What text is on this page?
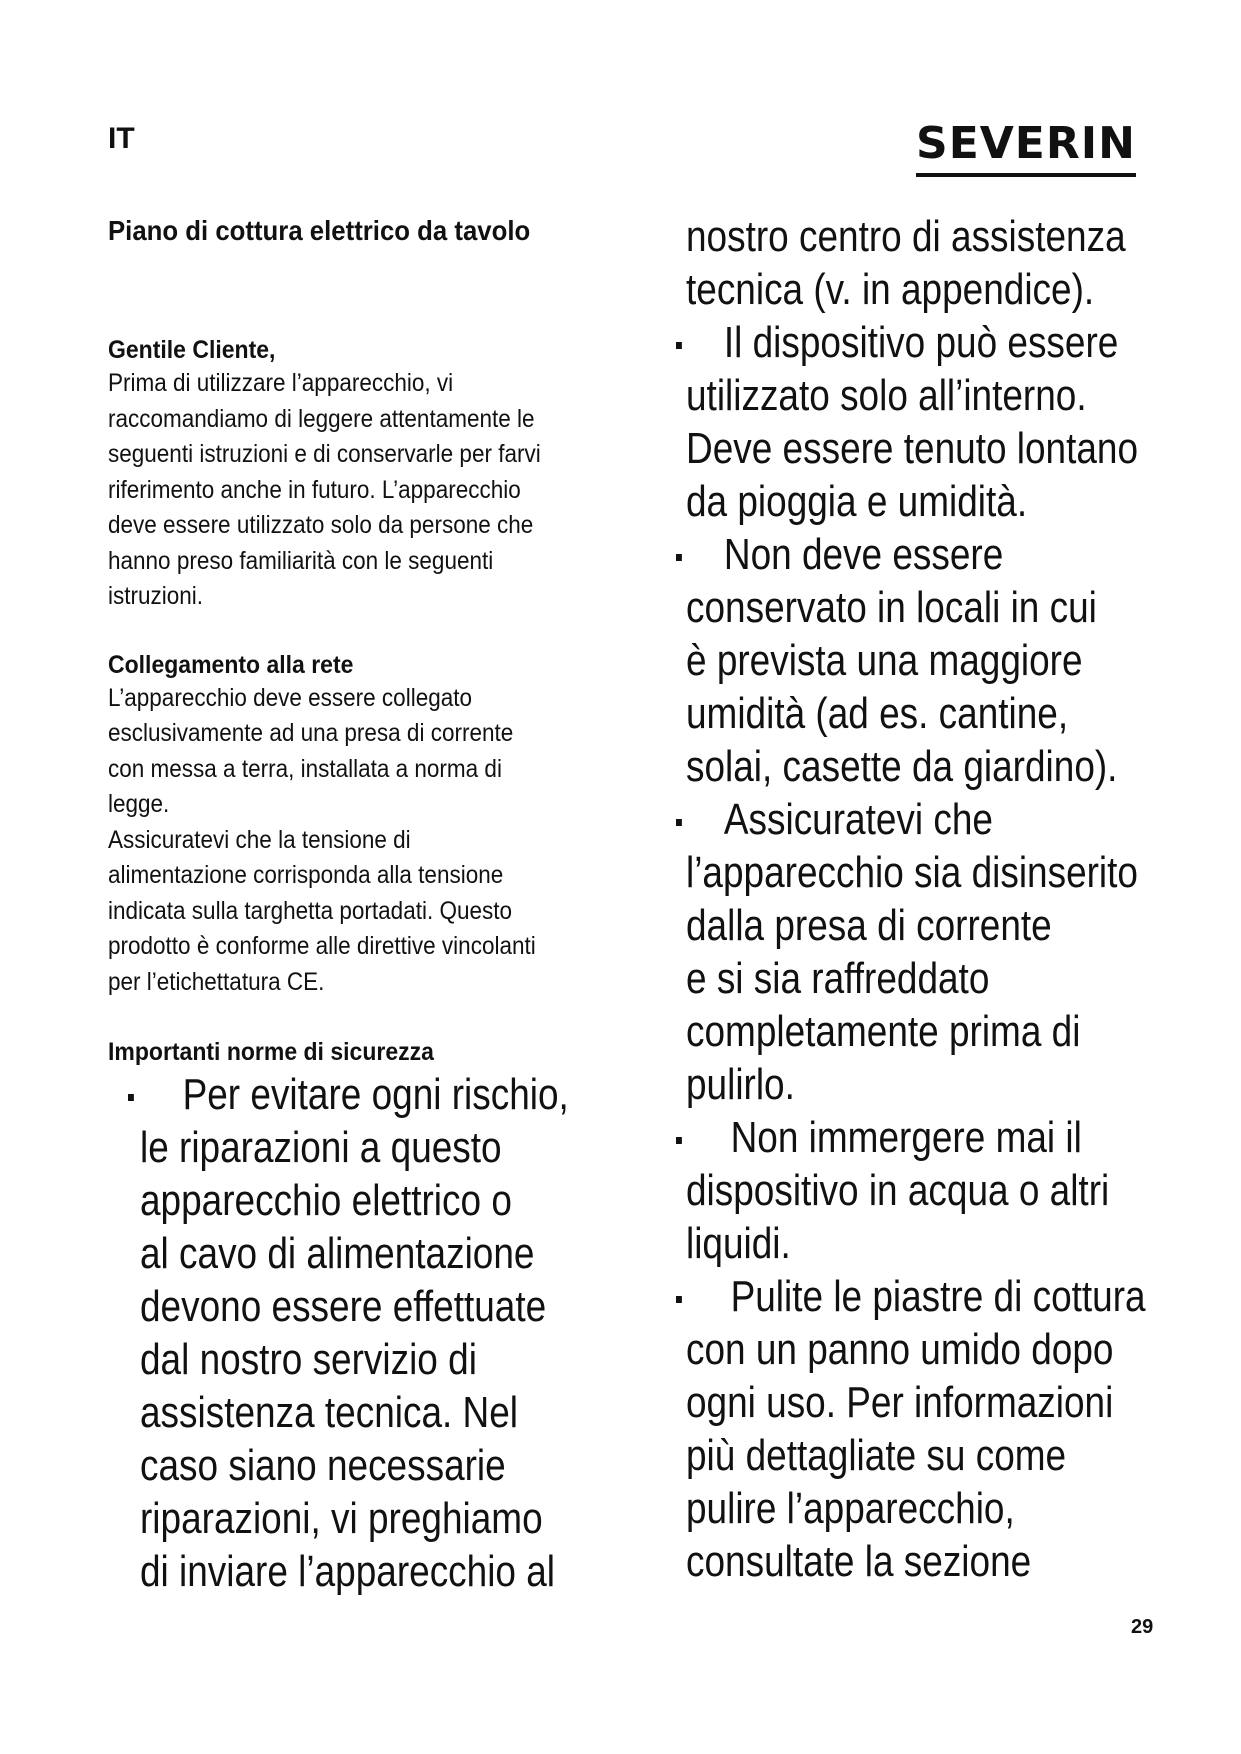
IT	SEVERIN

Piano di cottura elettrico da tavolo

Gentile Cliente,

Prima di utilizzare l’apparecchio, vi

raccomandiamo di leggere attentamente le

seguenti istruzioni e di conservarle per farvi

riferimento anche in futuro. L’apparecchio

deve essere utilizzato solo da persone che

hanno preso familiarità con le seguenti

istruzioni.

Collegamento alla rete

L’apparecchio deve essere collegato

esclusivamente ad una presa di corrente

con messa a terra, installata a norma di

legge.

Assicuratevi che la tensione di

alimentazione corrisponda alla tensione

indicata sulla targhetta portadati. Questo

prodotto è conforme alle direttive vincolanti

per l’etichettatura CE.

Importanti norme di sicurezza

Per evitare ogni rischio,

le riparazioni a questo

apparecchio elettrico o

al cavo di alimentazione

devono essere effettuate

dal nostro servizio di

assistenza tecnica. Nel

caso siano necessarie

riparazioni, vi preghiamo

di inviare l’apparecchio al

nostro centro di assistenza

tecnica (v. in appendice).

Il dispositivo può essere

utilizzato solo all’interno.

Deve essere tenuto lontano

da pioggia e umidità.

Non deve essere

conservato in locali in cui

è prevista una maggiore

umidità (ad es. cantine,

solai, casette da giardino).

Assicuratevi che

l’apparecchio sia disinserito

dalla presa di corrente

e si sia raffreddato

completamente prima di

pulirlo.

Non immergere mai il

dispositivo in acqua o altri

liquidi.

Pulite le piastre di cottura

con un panno umido dopo

ogni uso. Per informazioni

più dettagliate su come

pulire l’apparecchio,

consultate la sezione

29
